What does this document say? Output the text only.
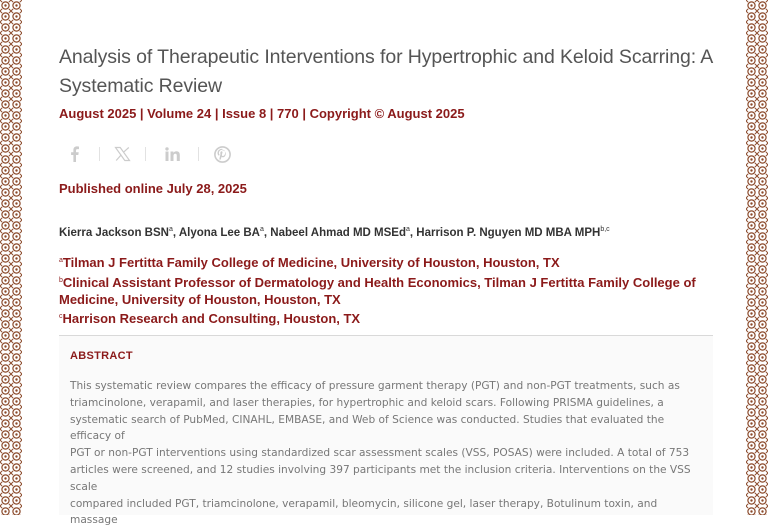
Analysis of Therapeutic Interventions for Hypertrophic and Keloid Scarring: A Systematic Review
August 2025 | Volume 24 | Issue 8 | 770 | Copyright © August 2025
Published online July 28, 2025
Kierra Jackson BSN$^a$, Alyona Lee $BA^a$, Nabeel Ahmad MD MSEd$^a$, Harrison P. Nguyen MD MBA MPH$^{b,c}$
$^a$Tilman J Fertitta Family College of Medicine, University of Houston, Houston, TX
$^b$Clinical Assistant Professor of Dermatology and Health Economics, Tilman J Fertitta Family College of Medicine, University of Houston, Houston, TX
$^c$Harrison Research and Consulting, Houston, TX
ABSTRACT
This systematic review compares the efficacy of pressure garment therapy (PGT) and non-PGT treatments, such as
triamcinolone, verapamil, and laser therapies, for hypertrophic and keloid scars. Following PRISMA guidelines, a
systematic search of PubMed, CINAHL, EMBASE, and Web of Science was conducted. Studies that evaluated the efficacy of
PGT or non-PGT interventions using standardized scar assessment scales (VSS, POSAS) were included. A total of 753
articles were screened, and 12 studies involving 397 participants met the inclusion criteria. Interventions on the VSS scale
compared included PGT, triamcinolone, verapamil, bleomycin, silicone gel, laser therapy, Botulinum toxin, and massage
